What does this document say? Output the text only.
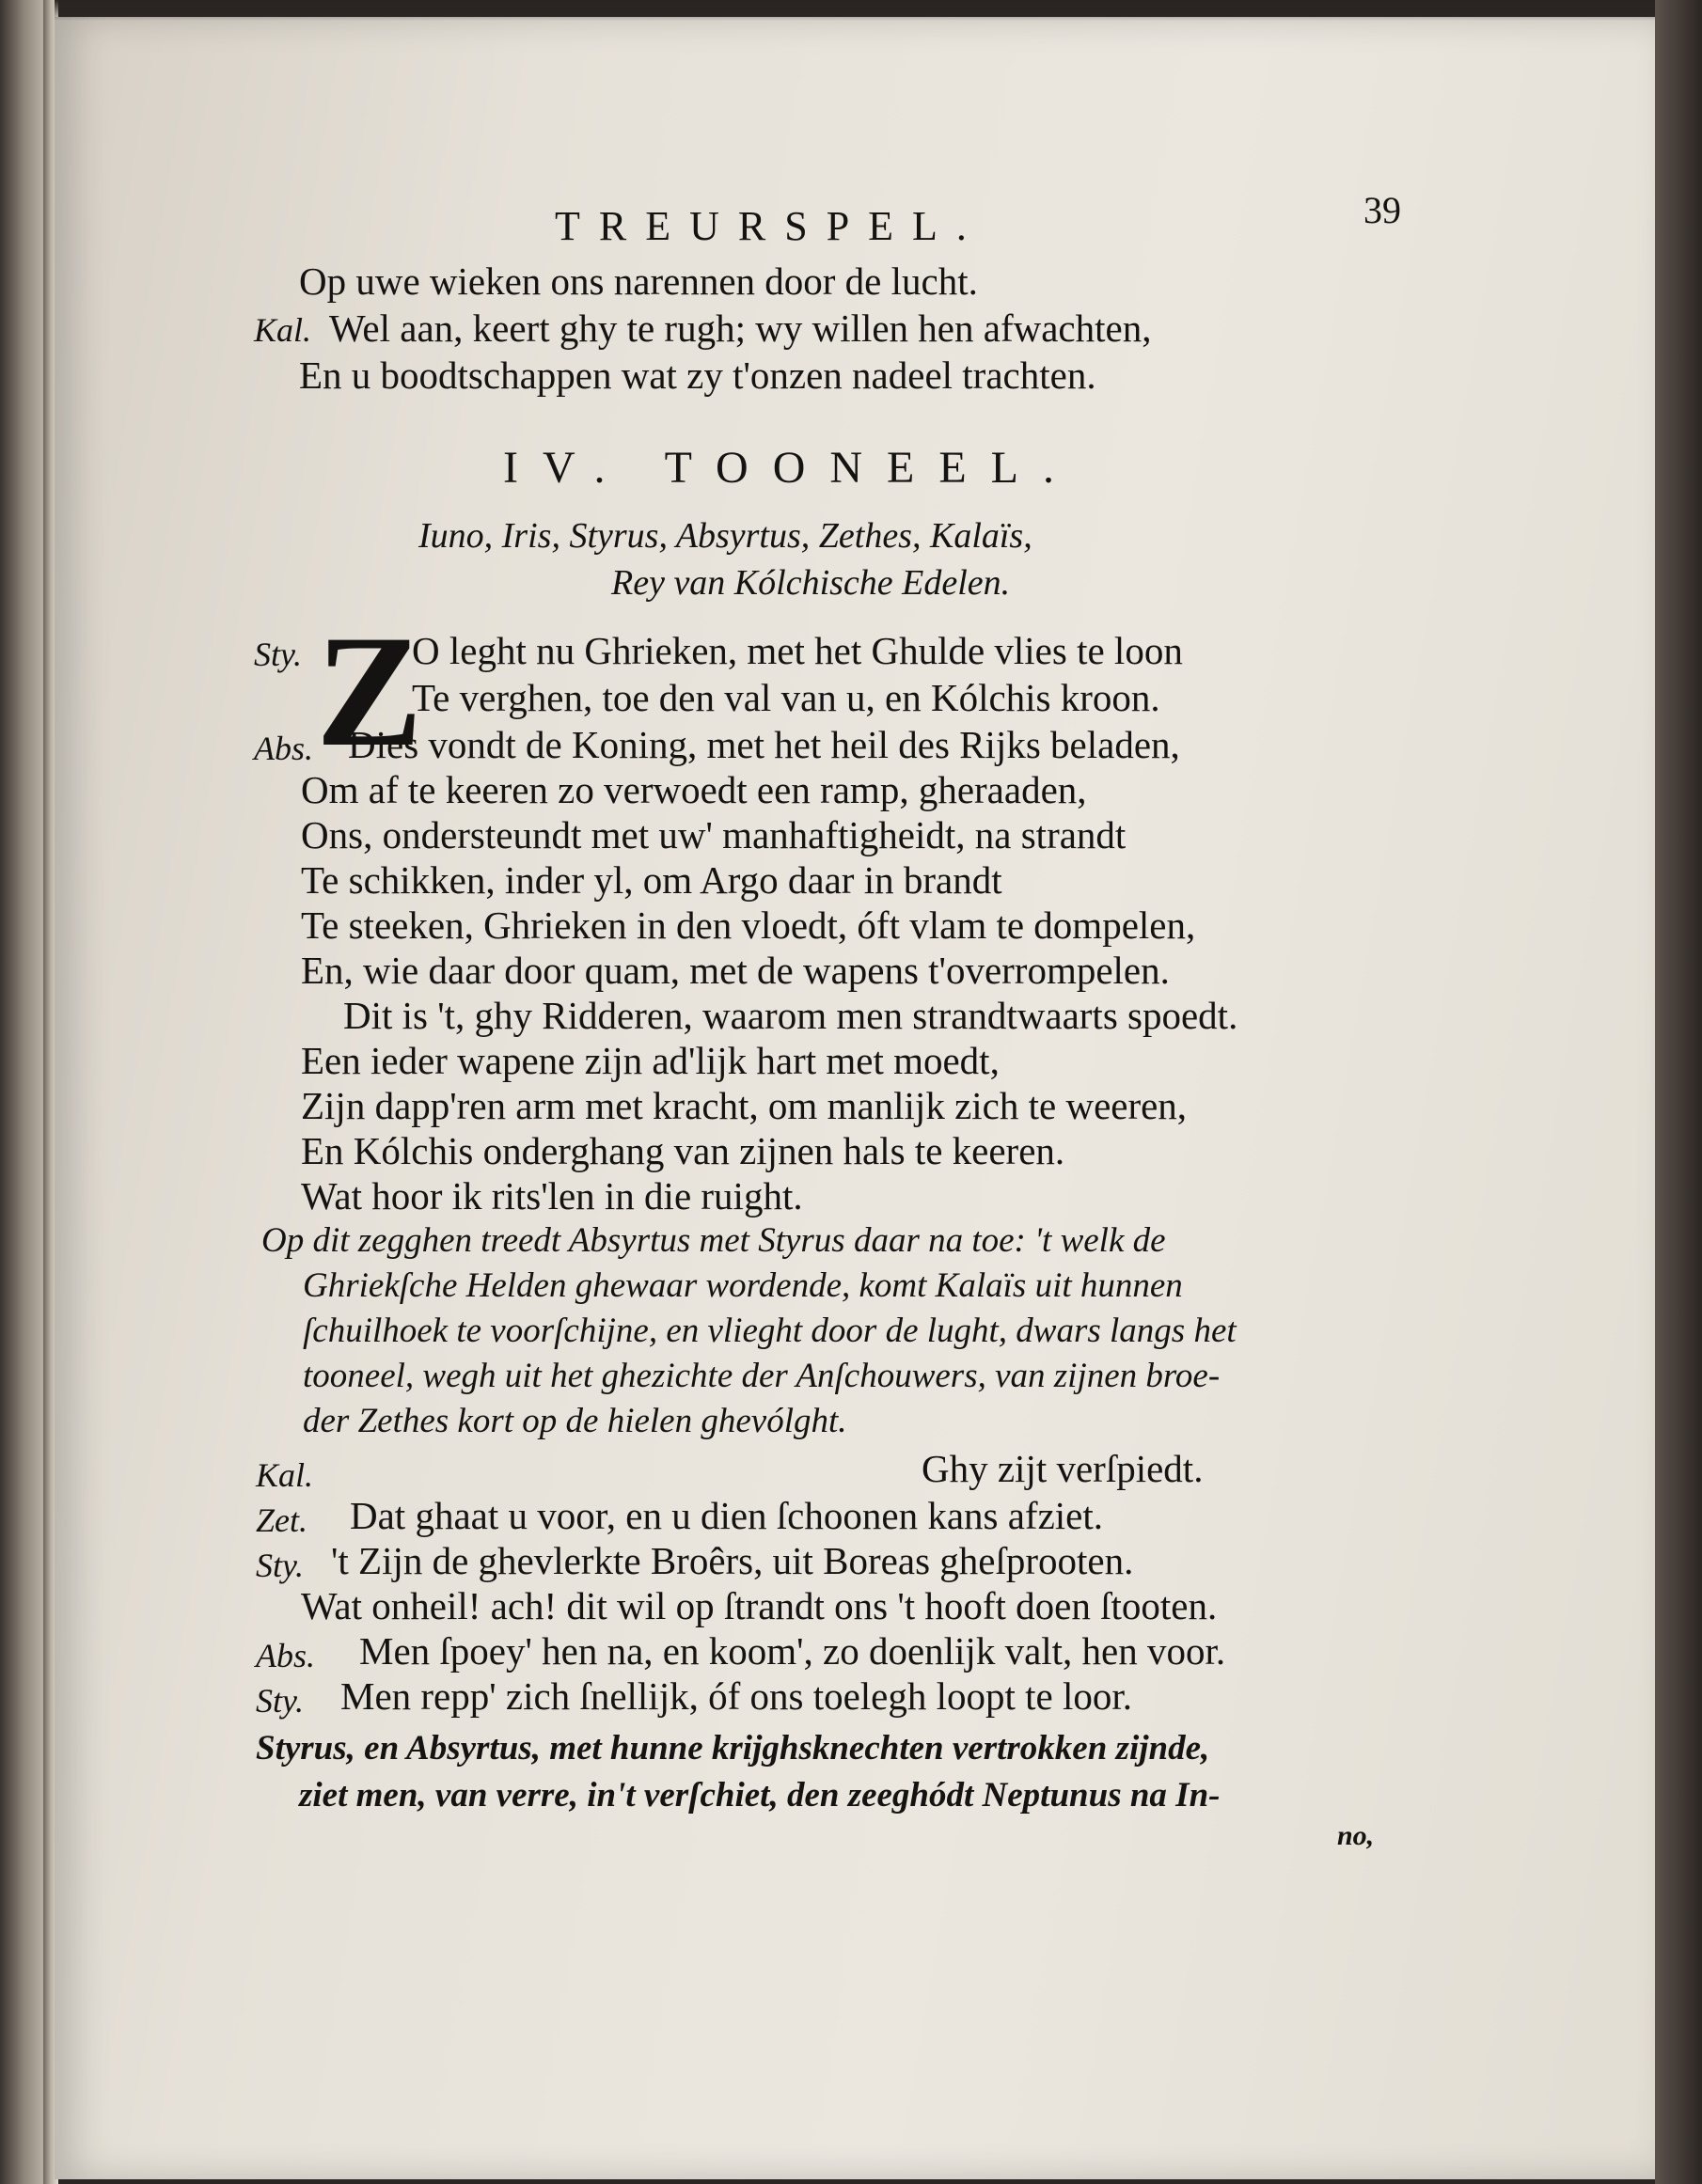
TREURSPEL.	39
Op uwe wieken ons narennen door de lucht.
Kal. Wel aan, keert ghy te rugh; wy willen hen afwachten,
En u boodtschappen wat zy t'onzen nadeel trachten.
IV. TOONEEL.
Iuno, Iris, Styrus, Absyrtus, Zethes, Kalaïs,
Rey van Kólchische Edelen.
Z
Sty.	O leght nu Ghrieken, met het Ghulde vlies te loon
Te verghen, toe den val van u, en Kólchis kroon.
Abs. Dies vondt de Koning, met het heil des Rijks beladen,
Om af te keeren zo verwoedt een ramp, gheraaden,
Ons, ondersteundt met uw' manhaftigheidt, na strandt
Te schikken, inder yl, om Argo daar in brandt
Te steeken, Ghrieken in den vloedt, óft vlam te dompelen,
En, wie daar door quam, met de wapens t'overrompelen.
Dit is 't, ghy Ridderen, waarom men strandtwaarts spoedt.
Een ieder wapene zijn ad'lijk hart met moedt,
Zijn dapp'ren arm met kracht, om manlijk zich te weeren,
En Kólchis onderghang van zijnen hals te keeren.
Wat hoor ik rits'len in die ruight.
Op dit zegghen treedt Absyrtus met Styrus daar na toe: 't welk de
Ghriekſche Helden ghewaar wordende, komt Kalaïs uit hunnen
ſchuilhoek te voorſchijne, en vlieght door de lught, dwars langs het
tooneel, wegh uit het ghezichte der Anſchouwers, van zijnen broe-
der Zethes kort op de hielen ghevólght.
Kal.	Ghy zijt verſpiedt.
Zet. Dat ghaat u voor, en u dien ſchoonen kans afziet.
Sty. 't Zijn de ghevlerkte Broêrs, uit Boreas gheſprooten.
Wat onheil! ach! dit wil op ſtrandt ons 't hooft doen ſtooten.
Abs. Men ſpoey' hen na, en koom', zo doenlijk valt, hen voor.
Sty. Men repp' zich ſnellijk, óf ons toelegh loopt te loor.
Styrus, en Absyrtus, met hunne krijghsknechten vertrokken zijnde,
ziet men, van verre, in't verſchiet, den zeeghódt Neptunus na In-
no,
